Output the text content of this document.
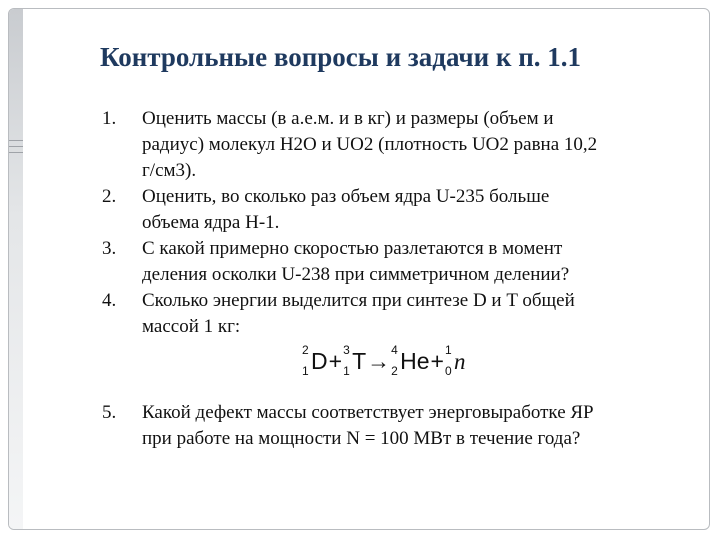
Контрольные вопросы и задачи к п. 1.1
1. Оценить массы (в а.е.м. и в кг) и размеры (объем и
радиус) молекул Н2О и UO2 (плотность UO2 равна 10,2
г/см3).
2. Оценить, во сколько раз объем ядра U-235 больше
объема ядра Н-1.
3. С какой примерно скоростью разлетаются в момент
деления осколки U-238 при симметричном делении?
4. Сколько энергии выделится при синтезе D и T общей
массой 1 кг:
2
1 D+ 3
1 T→ 4
2 He+ 1
0 n
5. Какой дефект массы соответствует энерговыработке ЯР
при работе на мощности N = 100 МВт в течение года?
